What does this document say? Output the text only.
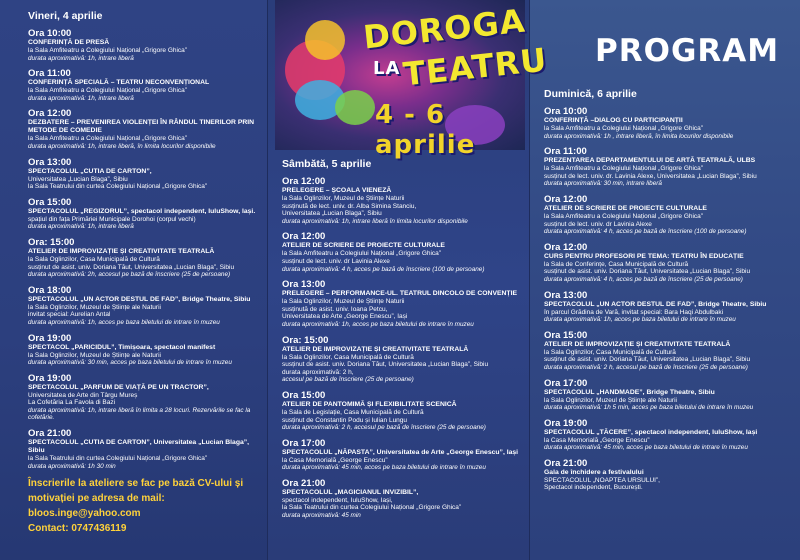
Vineri, 4 aprilie
Ora 10:00
CONFERINȚĂ DE PRESĂ
la Sala Amfiteatru a Colegiului Național „Grigore Ghica”
durata aproximativă: 1h, intrare liberă
Ora 11:00
CONFERINȚĂ SPECIALĂ – TEATRU NECONVENȚIONAL
la Sala Amfiteatru a Colegiului Național „Grigore Ghica”
durata aproximativă: 1h, intrare liberă
Ora 12:00
DEZBATERE – PREVENIREA VIOLENȚEI ÎN RÂNDUL TINERILOR PRIN METODE DE COMEDIE
la Sala Amfiteatru a Colegiului Național „Grigore Ghica”
durata aproximativă: 1h, intrare liberă, în limita locurilor disponibile
Ora 13:00
SPECTACOLUL „CUTIA DE CARTON”,
Universitatea „Lucian Blaga”, Sibiu
la Sala Teatrului din curtea Colegiului Național „Grigore Ghica”
Ora 15:00
SPECTACOLUL „REGIZORUL”, spectacol independent, IuluShow, Iași.
spațiul din fața Primăriei Municipale Dorohoi (corpul vechi)
durata aproximativă: 1h, intrare liberă
Ora: 15:00
ATELIER DE IMPROVIZAȚIE ȘI CREATIVITATE TEATRALĂ
la Sala Oglinzilor, Casa Municipală de Cultură
susținut de asist. univ. Doriana Tăut, Universitatea „Lucian Blaga”, Sibiu
durata aproximativă: 2h, accesul pe bază de înscriere (25 de persoane)
Ora 18:00
SPECTACOLUL „UN ACTOR DESTUL DE FAD”, Bridge Theatre, Sibiu
la Sala Oglinzilor, Muzeul de Științe ale Naturii
invitat special: Aurelian Antal
durata aproximativă: 1h, acces pe baza biletului de intrare în muzeu
Ora 19:00
SPECTACOL „PARICIDUL”, Timișoara, spectacol manifest
la Sala Oglinzilor, Muzeul de Științe ale Naturii
durata aproximativă: 30 min, acces pe baza biletului de intrare în muzeu
Ora 19:00
SPECTACOLUL „PARFUM DE VIAȚĂ PE UN TRACTOR”,
Universitatea de Arte din Târgu Mureș
La Cofetăria La Favola di Bazi
durata aproximativă: 1h, intrare liberă în limita a 28 locuri. Rezervările se fac la cofetărie.
Ora 21:00
SPECTACOLUL „CUTIA DE CARTON”, Universitatea „Lucian Blaga”, Sibiu
la Sala Teatrului din curtea Colegiului Național „Grigore Ghica”
durata aproximativă: 1h 30 min
Înscrierile la ateliere se fac pe bază CV-ului și
motivației pe adresa de mail:
bloos.inge@yahoo.com
Contact: 0747436119
Sâmbătă, 5 aprilie
Ora 12:00
PRELEGERE – ȘCOALA VIENEZĂ
la Sala Oglinzilor, Muzeul de Științe Naturii
susținută de lect. univ. dr. Alba Simina Stanciu,
Universitatea „Lucian Blaga”, Sibiu
durata aproximativă: 1h, intrare liberă în limita locurilor disponibile
Ora 12:00
ATELIER DE SCRIERE DE PROIECTE CULTURALE
la Sala Amfiteatru a Colegiului Național „Grigore Ghica”
susținut de lect. univ. dr Lavinia Alexe
durata aproximativă: 4 h, acces pe bază de înscriere (100 de persoane)
Ora 13:00
PRELEGERE – PERFORMANCE-UL. TEATRUL DINCOLO DE CONVENȚIE
la Sala Oglinzilor, Muzeul de Științe Naturii
susținută de asist. univ. Ioana Petcu,
Universitatea de Arte „George Enescu”, Iași
durata aproximativă: 1h, acces pe baza biletului de intrare în muzeu
Ora: 15:00
ATELIER DE IMPROVIZAȚIE ȘI CREATIVITATE TEATRALĂ
la Sala Oglinzilor, Casa Municipală de Cultură
susținut de asist. univ. Doriana Tăut, Universitatea „Lucian Blaga”, Sibiu
durata aproximativă: 2 h,
accesul pe bază de înscriere (25 de persoane)
Ora 15:00
ATELIER DE PANTOMIMĂ ȘI FLEXIBILITATE SCENICĂ
la Sala de Legislație, Casa Municipală de Cultură
susținut de Constantin Podu și Iulian Lungu
durata aproximativă: 2 h, accesul pe bază de înscriere (25 de persoane)
Ora 17:00
SPECTACOLUL „NĂPASTA”, Universitatea de Arte „George Enescu”, Iași
la Casa Memorială „George Enescu”
durata aproximativă: 45 min, acces pe baza biletului de intrare în muzeu
Ora 21:00
SPECTACOLUL „MAGICIANUL INVIZIBIL”,
spectacol independent, IuluShow, Iași,
la Sala Teatrului din curtea Colegiului Național „Grigore Ghica”
durata aproximativă: 45 min
Duminică, 6 aprilie
Ora 10:00
CONFERINȚĂ –DIALOG CU PARTICIPANȚII
la Sala Amfiteatru a Colegiului Național „Grigore Ghica”
durata aproximativă: 1h , intrare liberă, în limita locurilor disponibile
Ora 11:00
PREZENTAREA DEPARTAMENTULUI DE ARTĂ TEATRALĂ, ULBS
la Sala Amfiteatru a Colegiului Național „Grigore Ghica”
susținut de lect. univ. dr. Lavinia Alexe, Universitatea „Lucian Blaga”, Sibiu
durata aproximativă: 30 min, intrare liberă
Ora 12:00
ATELIER DE SCRIERE DE PROIECTE CULTURALE
la Sala Amfiteatru a Colegiului Național „Grigore Ghica”
susținut de lect. univ. dr Lavinia Alexe
durata aproximativă: 4 h, acces pe bază de înscriere (100 de persoane)
Ora 12:00
CURS PENTRU PROFESORI PE TEMA: TEATRU ÎN EDUCAȚIE
la Sala de Conferințe, Casa Municipală de Cultură
susținut de asist. univ. Doriana Tăut, Universitatea „Lucian Blaga”, Sibiu
durata aproximativă: 4 h, acces pe bază de înscriere (25 de persoane)
Ora 13:00
SPECTACOLUL „UN ACTOR DESTUL DE FAD”, Bridge Theatre, Sibiu
în parcul Grădina de Vară, invitat special: Bara Haqi Abdulbaki
durata aproximativă: 1h, acces pe baza biletului de intrare în muzeu
Ora 15:00
ATELIER DE IMPROVIZAȚIE ȘI CREATIVITATE TEATRALĂ
la Sala Oglinzilor, Casa Municipală de Cultură
susținut de asist. univ. Doriana Tăut, Universitatea „Lucian Blaga”, Sibiu
durata aproximativă: 2 h, accesul pe bază de înscriere (25 de persoane)
Ora 17:00
SPECTACOLUL „HANDMADE”, Bridge Theatre, Sibiu
la Sala Oglinzilor, Muzeul de Științe ale Naturii
durata aproximativă: 1h 5 min, acces pe baza biletului de intrare în muzeu
Ora 19:00
SPECTACOLUL „TĂCERE”, spectacol independent, IuluShow, Iași
la Casa Memorială „George Enescu”
durata aproximativă: 45 min, acces pe baza biletului de intrare în muzeu
Ora 21:00
Gala de închidere a festivalului
SPECTACOLUL „NOAPTEA URSULUI”,
Spectacol independent, București.
DOROGA
LA TEATRU
4 - 6 aprilie
PROGRAM
